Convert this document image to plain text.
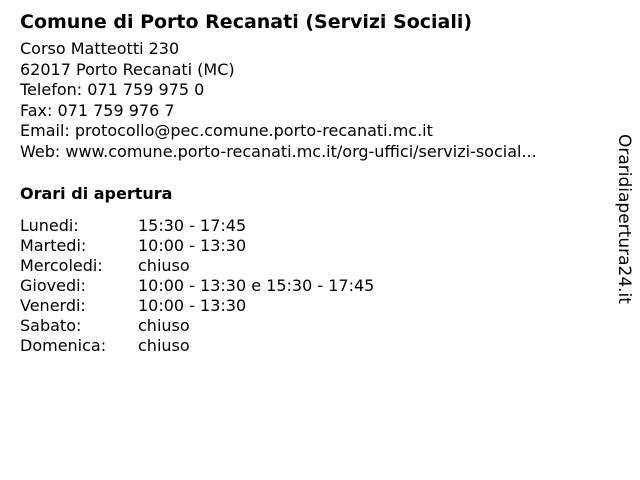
Comune di Porto Recanati (Servizi Sociali)
Corso Matteotti 230
62017 Porto Recanati (MC)
Telefon: 071 759 975 0
Fax: 071 759 976 7
Email: protocollo@pec.comune.porto-recanati.mc.it
Web: www.comune.porto-recanati.mc.it/org-uffici/servizi-social...
Orari di apertura
Lunedi:	15:30 - 17:45
Martedi:	10:00 - 13:30
Mercoledi:	chiuso
Giovedi:	10:00 - 13:30 e 15:30 - 17:45
Venerdi:	10:00 - 13:30
Sabato:	chiuso
Domenica:	chiuso
Oraridiapertura24.it
